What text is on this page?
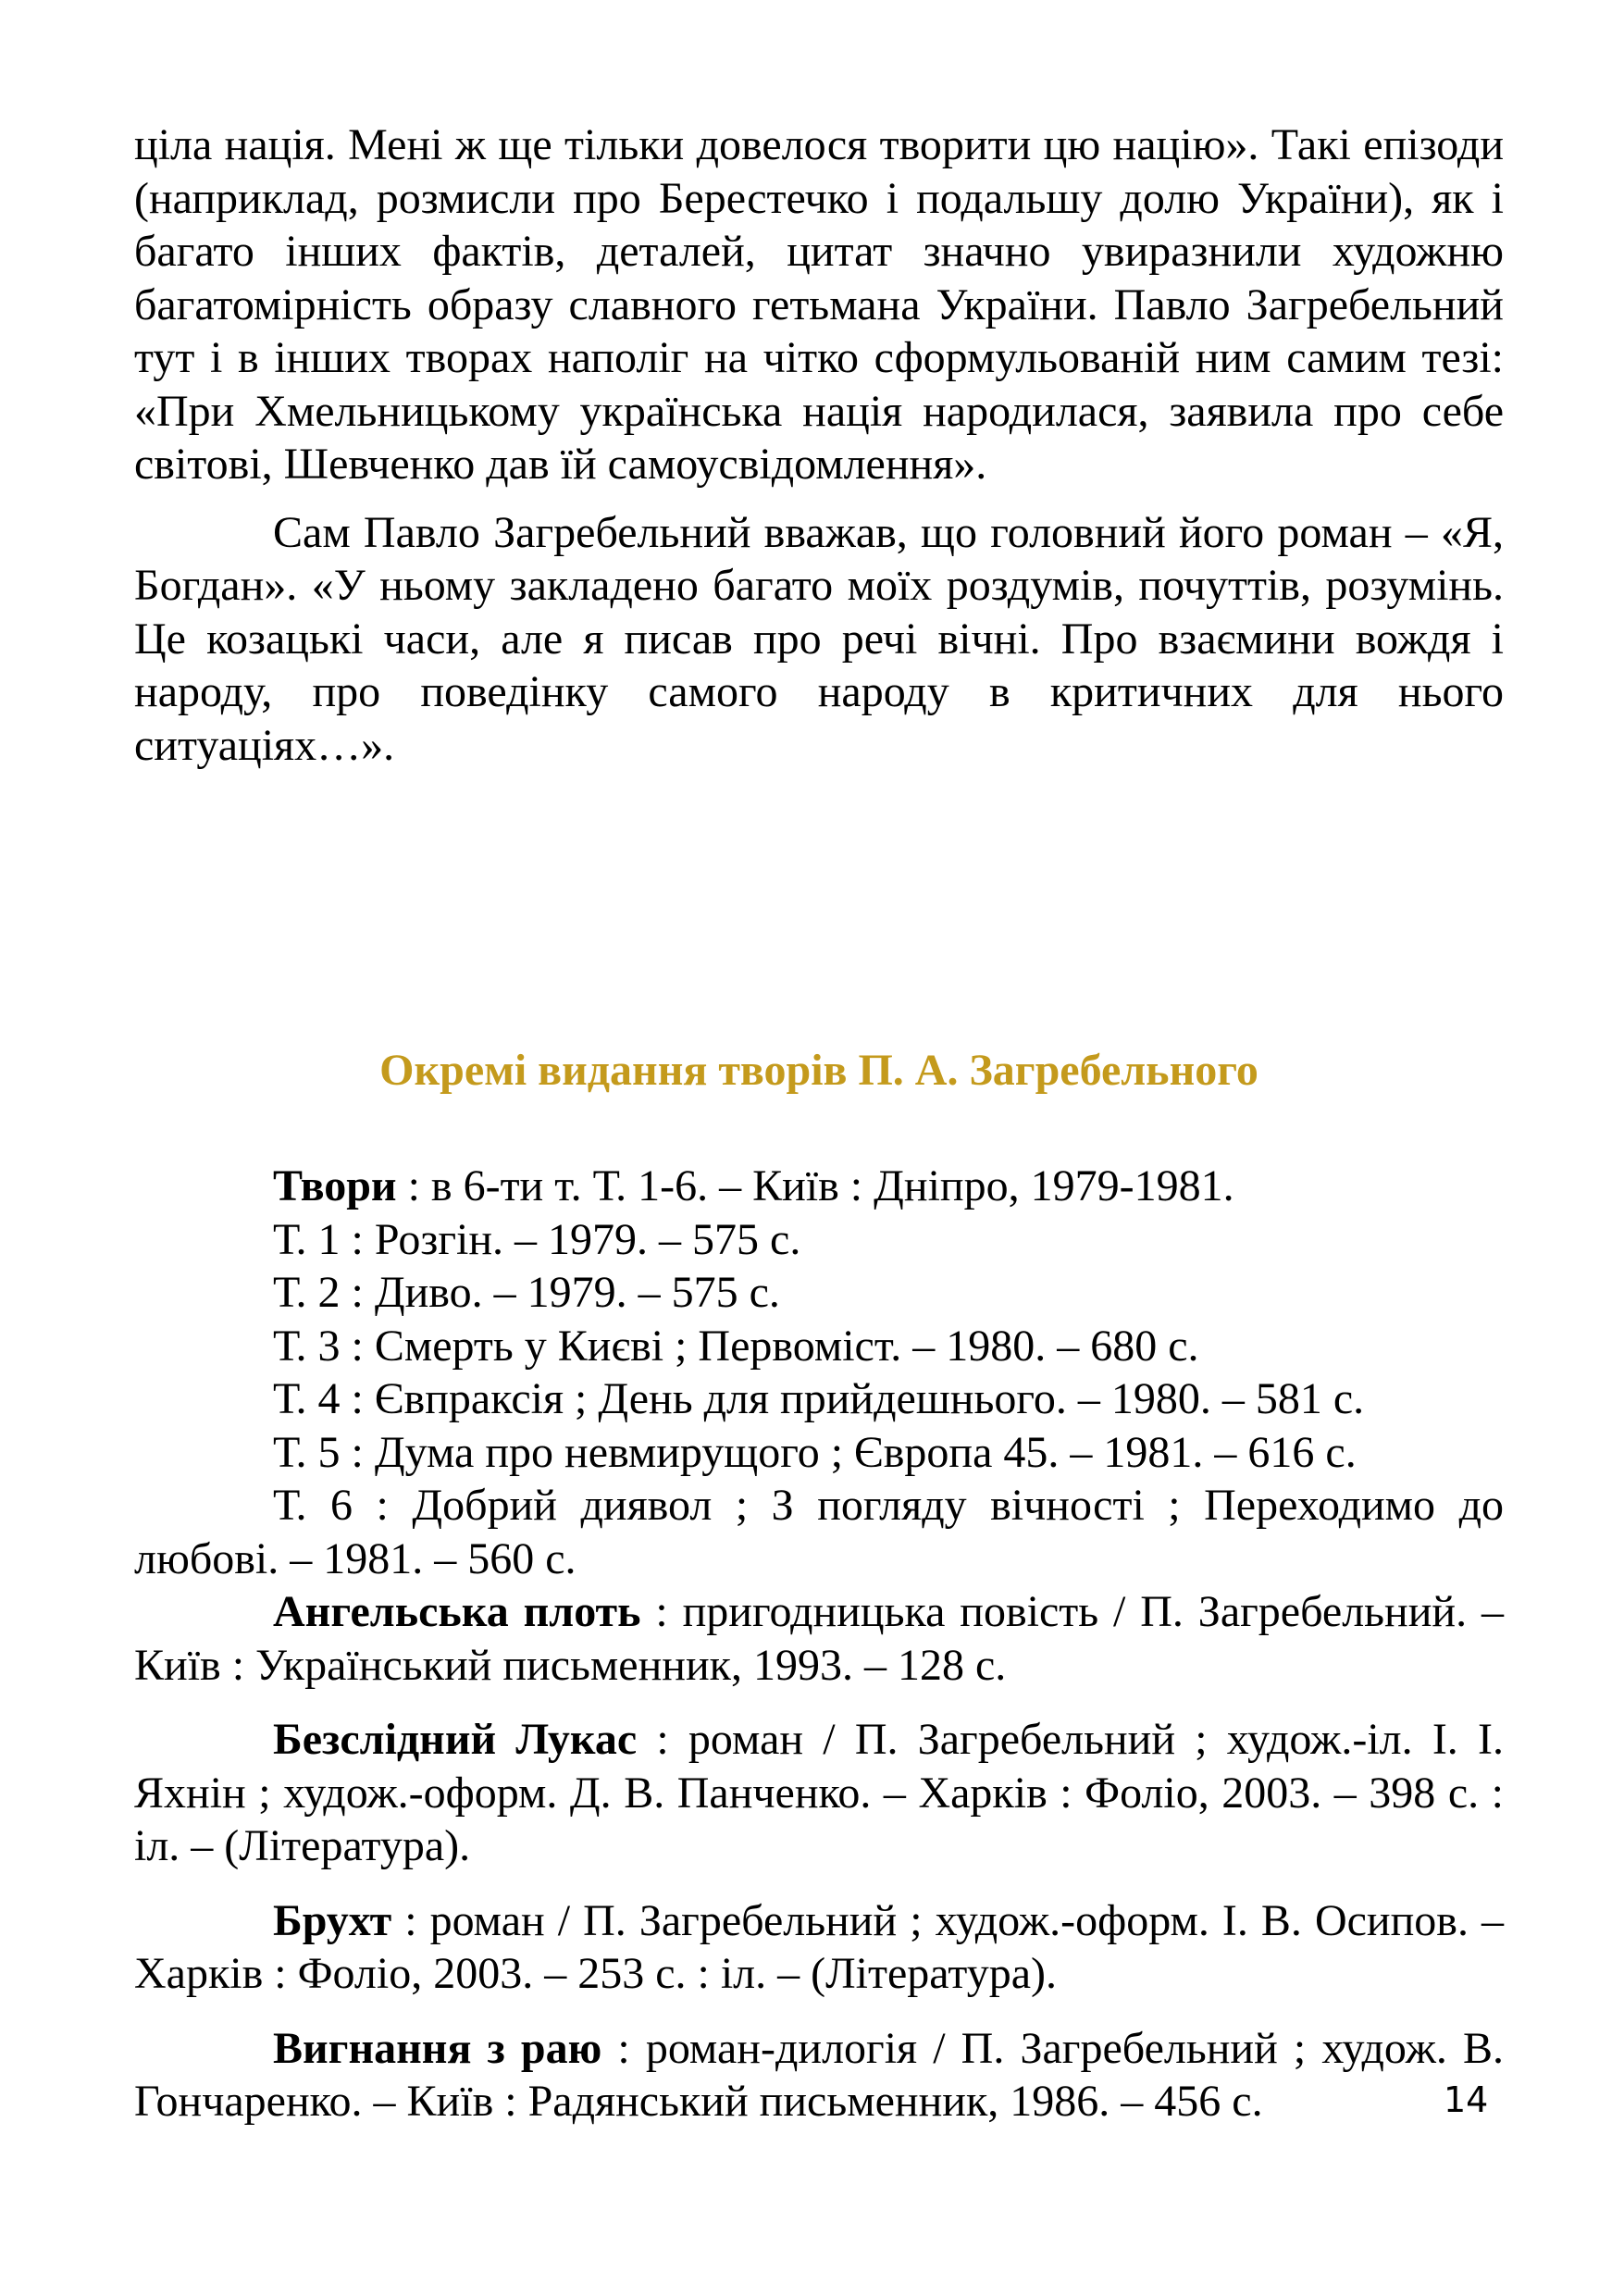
ціла нація. Мені ж ще тільки довелося творити цю націю». Такі епізоди (наприклад, розмисли про Берестечко і подальшу долю України), як і багато інших фактів, деталей, цитат значно увиразнили художню багатомірність образу славного гетьмана України. Павло Загребельний тут і в інших творах наполіг на чітко сформульованій ним самим тезі: «При Хмельницькому українська нація народилася, заявила про себе світові, Шевченко дав їй самоусвідомлення».

Сам Павло Загребельний вважав, що головний його роман – «Я, Богдан». «У ньому закладено багато моїх роздумів, почуттів, розумінь. Це козацькі часи, але я писав про речі вічні. Про взаємини вождя і народу, про поведінку самого народу в критичних для нього ситуаціях…».

Окремі видання творів П. А. Загребельного

Твори : в 6-ти т. Т. 1-6. – Київ : Дніпро, 1979-1981.

Т. 1 : Розгін. – 1979. – 575 с.

Т. 2 : Диво. – 1979. – 575 с.

Т. 3 : Смерть у Києві ; Первоміст. – 1980. – 680 с.

Т. 4 : Євпраксія ; День для прийдешнього. – 1980. – 581 с.

Т. 5 : Дума про невмирущого ; Європа 45. – 1981. – 616 с.

Т. 6 : Добрий диявол ; З погляду вічності ; Переходимо до любові. – 1981. – 560 с.

Ангельська плоть : пригодницька повість / П. Загребельний. – Київ : Український письменник, 1993. – 128 с.

Безслідний Лукас : роман / П. Загребельний ; худож.-іл. І. І. Яхнін ; худож.-оформ. Д. В. Панченко. – Харків : Фоліо, 2003. – 398 с. : іл. – (Література).

Брухт : роман / П. Загребельний ; худож.-оформ. І. В. Осипов. – Харків : Фоліо, 2003. – 253 с. : іл. – (Література).

Вигнання з раю : роман-дилогія / П. Загребельний ; худож. В. Гончаренко. – Київ : Радянський письменник, 1986. – 456 с.	14
